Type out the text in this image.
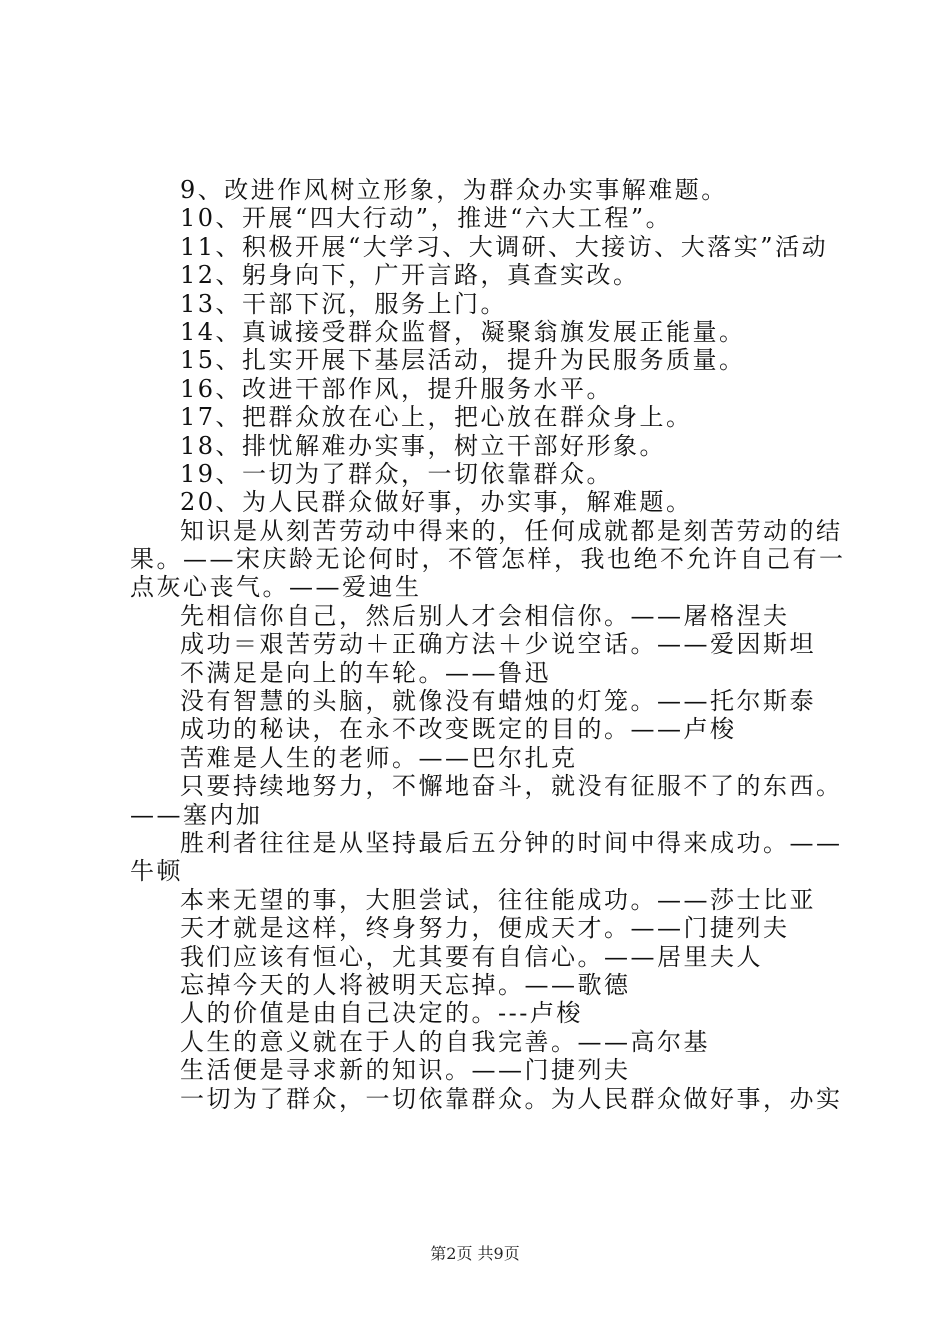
9、改进作风树立形象，为群众办实事解难题。
10、开展“四大行动”，推进“六大工程”。
11、积极开展“大学习、大调研、大接访、大落实”活动
12、躬身向下，广开言路，真查实改。
13、干部下沉，服务上门。
14、真诚接受群众监督，凝聚翁旗发展正能量。
15、扎实开展下基层活动，提升为民服务质量。
16、改进干部作风，提升服务水平。
17、把群众放在心上，把心放在群众身上。
18、排忧解难办实事，树立干部好形象。
19、一切为了群众，一切依靠群众。
20、为人民群众做好事，办实事，解难题。
知识是从刻苦劳动中得来的，任何成就都是刻苦劳动的结
果。——宋庆龄无论何时，不管怎样，我也绝不允许自己有一
点灰心丧气。——爱迪生
先相信你自己，然后别人才会相信你。——屠格涅夫
成功＝艰苦劳动＋正确方法＋少说空话。——爱因斯坦
不满足是向上的车轮。——鲁迅
没有智慧的头脑，就像没有蜡烛的灯笼。——托尔斯泰
成功的秘诀，在永不改变既定的目的。——卢梭
苦难是人生的老师。——巴尔扎克
只要持续地努力，不懈地奋斗，就没有征服不了的东西。
——塞内加
胜利者往往是从坚持最后五分钟的时间中得来成功。——
牛顿
本来无望的事，大胆尝试，往往能成功。——莎士比亚
天才就是这样，终身努力，便成天才。——门捷列夫
我们应该有恒心，尤其要有自信心。——居里夫人
忘掉今天的人将被明天忘掉。——歌德
人的价值是由自己决定的。---卢梭
人生的意义就在于人的自我完善。——高尔基
生活便是寻求新的知识。——门捷列夫
一切为了群众，一切依靠群众。为人民群众做好事，办实
第2页 共9页
